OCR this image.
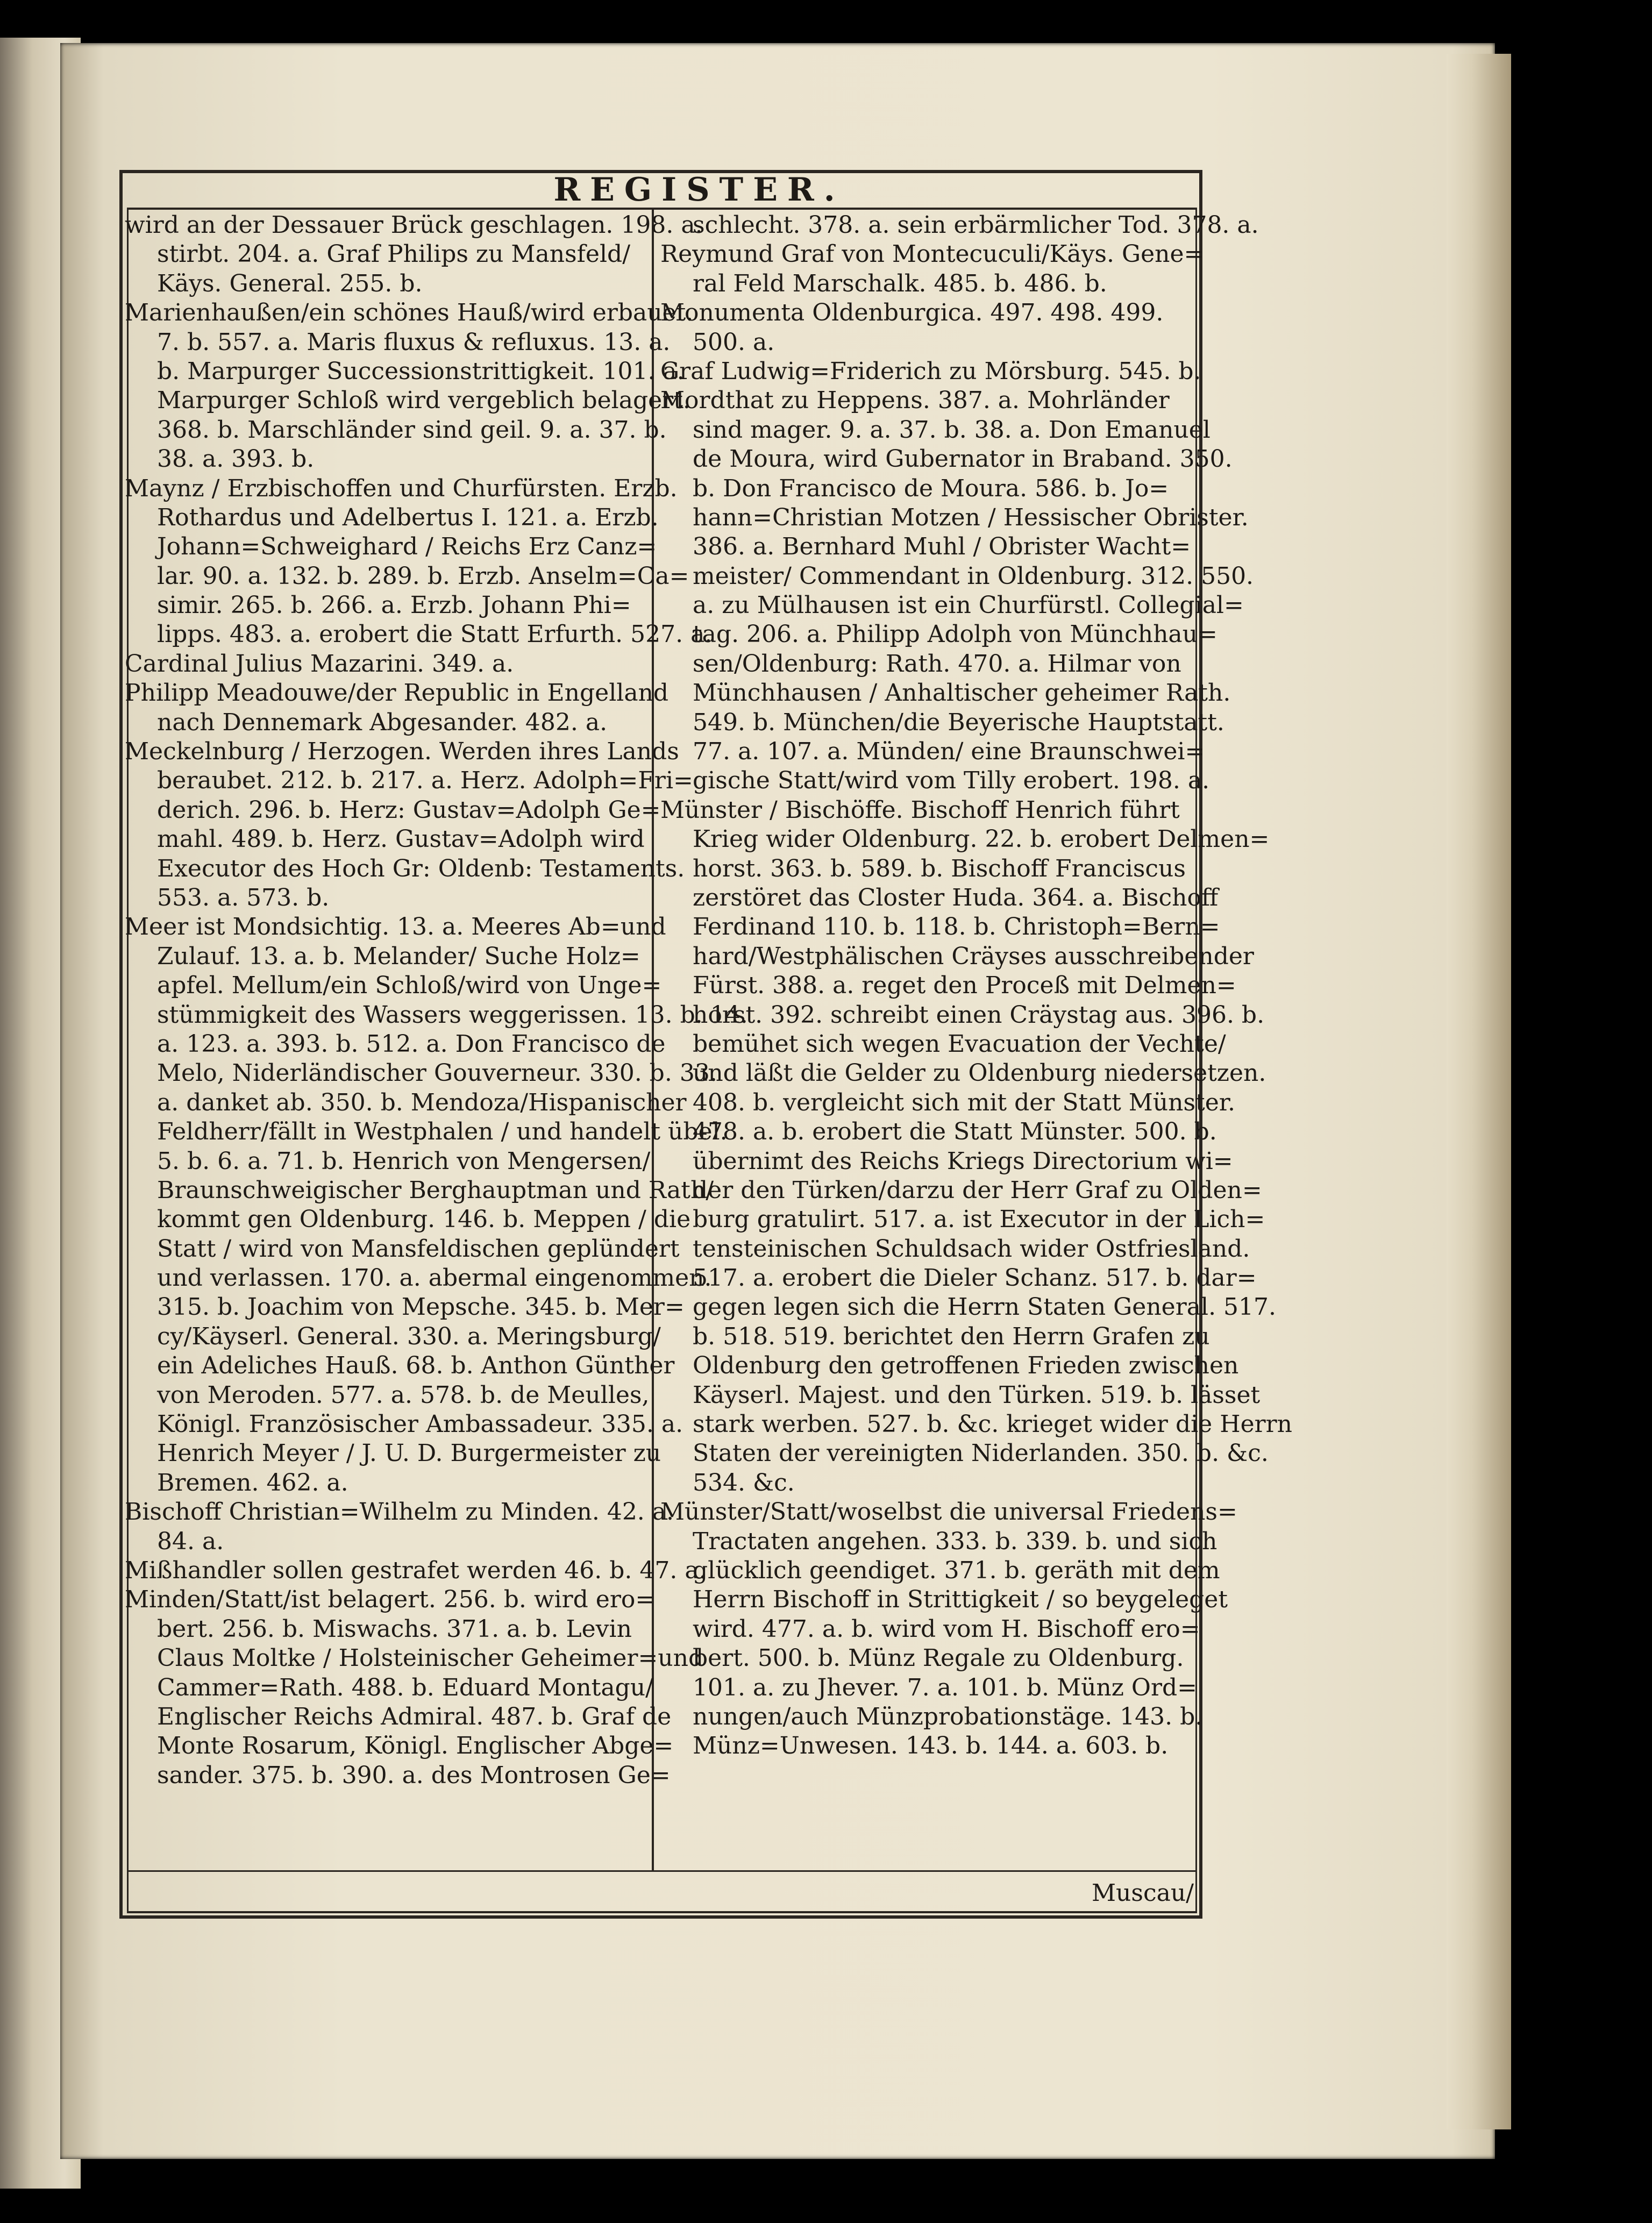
REGISTER.
wird an der Dessauer Brück geschlagen. 198. a.
stirbt. 204. a. Graf Philips zu Mansfeld/
Käys. General. 255. b.
Marienhaußen/ein schönes Hauß/wird erbauet.
7. b. 557. a. Maris fluxus & refluxus. 13. a.
b. Marpurger Successionstrittigkeit. 101. a.
Marpurger Schloß wird vergeblich belagert.
368. b. Marschländer sind geil. 9. a. 37. b.
38. a. 393. b.
Maynz / Erzbischoffen und Churfürsten. Erzb.
Rothardus und Adelbertus I. 121. a. Erzb.
Johann=Schweighard / Reichs Erz Canz=
lar. 90. a. 132. b. 289. b. Erzb. Anselm=Ca=
simir. 265. b. 266. a. Erzb. Johann Phi=
lipps. 483. a. erobert die Statt Erfurth. 527. a.
Cardinal Julius Mazarini. 349. a.
Philipp Meadouwe/der Republic in Engelland
nach Dennemark Abgesander. 482. a.
Meckelnburg / Herzogen. Werden ihres Lands
beraubet. 212. b. 217. a. Herz. Adolph=Fri=
derich. 296. b. Herz: Gustav=Adolph Ge=
mahl. 489. b. Herz. Gustav=Adolph wird
Executor des Hoch Gr: Oldenb: Testaments.
553. a. 573. b.
Meer ist Mondsichtig. 13. a. Meeres Ab=und
Zulauf. 13. a. b. Melander/ Suche Holz=
apfel. Mellum/ein Schloß/wird von Unge=
stümmigkeit des Wassers weggerissen. 13. b. 14.
a. 123. a. 393. b. 512. a. Don Francisco de
Melo, Niderländischer Gouverneur. 330. b. 33.
a. danket ab. 350. b. Mendoza/Hispanischer
Feldherr/fällt in Westphalen / und handelt übel.
5. b. 6. a. 71. b. Henrich von Mengersen/
Braunschweigischer Berghauptman und Rath/
kommt gen Oldenburg. 146. b. Meppen / die
Statt / wird von Mansfeldischen geplündert
und verlassen. 170. a. abermal eingenommen.
315. b. Joachim von Mepsche. 345. b. Mer=
cy/Käyserl. General. 330. a. Meringsburg/
ein Adeliches Hauß. 68. b. Anthon Günther
von Meroden. 577. a. 578. b. de Meulles,
Königl. Französischer Ambassadeur. 335. a.
Henrich Meyer / J. U. D. Burgermeister zu
Bremen. 462. a.
Bischoff Christian=Wilhelm zu Minden. 42. a.
84. a.
Mißhandler sollen gestrafet werden 46. b. 47. a.
Minden/Statt/ist belagert. 256. b. wird ero=
bert. 256. b. Miswachs. 371. a. b. Levin
Claus Moltke / Holsteinischer Geheimer=und
Cammer=Rath. 488. b. Eduard Montagu/
Englischer Reichs Admiral. 487. b. Graf de
Monte Rosarum, Königl. Englischer Abge=
sander. 375. b. 390. a. des Montrosen Ge=
schlecht. 378. a. sein erbärmlicher Tod. 378. a.
Reymund Graf von Montecuculi/Käys. Gene=
ral Feld Marschalk. 485. b. 486. b.
Monumenta Oldenburgica. 497. 498. 499.
500. a.
Graf Ludwig=Friderich zu Mörsburg. 545. b.
Mordthat zu Heppens. 387. a. Mohrländer
sind mager. 9. a. 37. b. 38. a. Don Emanuel
de Moura, wird Gubernator in Braband. 350.
b. Don Francisco de Moura. 586. b. Jo=
hann=Christian Motzen / Hessischer Obrister.
386. a. Bernhard Muhl / Obrister Wacht=
meister/ Commendant in Oldenburg. 312. 550.
a. zu Mülhausen ist ein Churfürstl. Collegial=
tag. 206. a. Philipp Adolph von Münchhau=
sen/Oldenburg: Rath. 470. a. Hilmar von
Münchhausen / Anhaltischer geheimer Rath.
549. b. München/die Beyerische Hauptstatt.
77. a. 107. a. Münden/ eine Braunschwei=
gische Statt/wird vom Tilly erobert. 198. a.
Münster / Bischöffe. Bischoff Henrich führt
Krieg wider Oldenburg. 22. b. erobert Delmen=
horst. 363. b. 589. b. Bischoff Franciscus
zerstöret das Closter Huda. 364. a. Bischoff
Ferdinand 110. b. 118. b. Christoph=Bern=
hard/Westphälischen Cräyses ausschreibender
Fürst. 388. a. reget den Proceß mit Delmen=
horst. 392. schreibt einen Cräystag aus. 396. b.
bemühet sich wegen Evacuation der Vechte/
und läßt die Gelder zu Oldenburg niedersetzen.
408. b. vergleicht sich mit der Statt Münster.
478. a. b. erobert die Statt Münster. 500. b.
übernimt des Reichs Kriegs Directorium wi=
der den Türken/darzu der Herr Graf zu Olden=
burg gratulirt. 517. a. ist Executor in der Lich=
tensteinischen Schuldsach wider Ostfriesland.
517. a. erobert die Dieler Schanz. 517. b. dar=
gegen legen sich die Herrn Staten General. 517.
b. 518. 519. berichtet den Herrn Grafen zu
Oldenburg den getroffenen Frieden zwischen
Käyserl. Majest. und den Türken. 519. b. lässet
stark werben. 527. b. &c. krieget wider die Herrn
Staten der vereinigten Niderlanden. 350. b. &c.
534. &c.
Münster/Statt/woselbst die universal Friedens=
Tractaten angehen. 333. b. 339. b. und sich
glücklich geendiget. 371. b. geräth mit dem
Herrn Bischoff in Strittigkeit / so beygeleget
wird. 477. a. b. wird vom H. Bischoff ero=
bert. 500. b. Münz Regale zu Oldenburg.
101. a. zu Jhever. 7. a. 101. b. Münz Ord=
nungen/auch Münzprobationstäge. 143. b.
Münz=Unwesen. 143. b. 144. a. 603. b.
Muscau/
